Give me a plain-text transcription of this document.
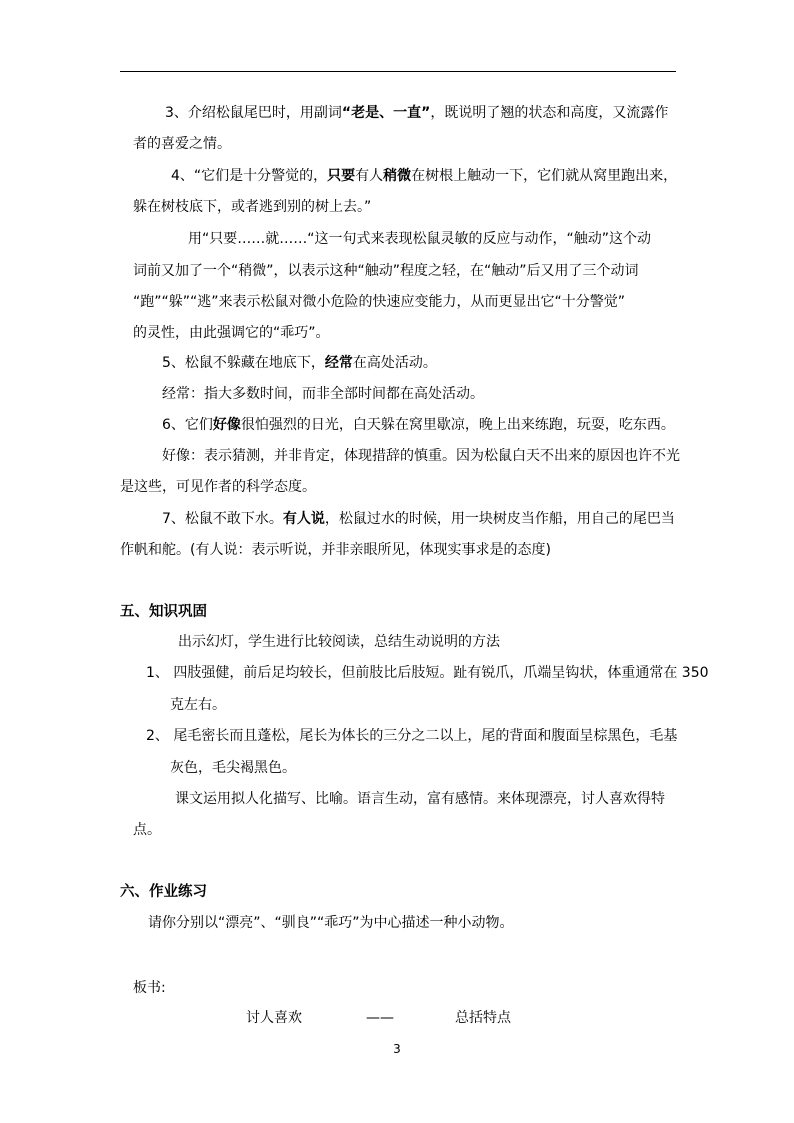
3、介绍松鼠尾巴时，用副词“老是、一直”，既说明了翘的状态和高度，又流露作
者的喜爱之情。
4、“它们是十分警觉的，只要有人稍微在树根上触动一下，它们就从窝里跑出来，
躲在树枝底下，或者逃到别的树上去。”
用“只要……就……“这一句式来表现松鼠灵敏的反应与动作，“触动”这个动
词前又加了一个“稍微”，以表示这种“触动”程度之轻，在“触动”后又用了三个动词
“跑”“躲”“逃”来表示松鼠对微小危险的快速应变能力，从而更显出它“十分警觉”
的灵性，由此强调它的“乖巧”。
5、松鼠不躲藏在地底下，经常在高处活动。
经常：指大多数时间，而非全部时间都在高处活动。
6、它们好像很怕强烈的日光，白天躲在窝里歇凉，晚上出来练跑，玩耍，吃东西。
好像：表示猜测，并非肯定，体现措辞的慎重。因为松鼠白天不出来的原因也许不光
是这些，可见作者的科学态度。
7、松鼠不敢下水。有人说，松鼠过水的时候，用一块树皮当作船，用自己的尾巴当
作帆和舵。(有人说：表示听说，并非亲眼所见，体现实事求是的态度)
五、知识巩固
出示幻灯，学生进行比较阅读，总结生动说明的方法
1、 四肢强健，前后足均较长，但前肢比后肢短。趾有锐爪，爪端呈钩状，体重通常在 350
克左右。
2、 尾毛密长而且蓬松，尾长为体长的三分之二以上，尾的背面和腹面呈棕黑色，毛基
灰色，毛尖褐黑色。
课文运用拟人化描写、比喻。语言生动，富有感情。来体现漂亮，讨人喜欢得特
点。
六、作业练习
请你分别以“漂亮”、“驯良”“乖巧”为中心描述一种小动物。
板书:
讨人喜欢	——	总括特点
3
